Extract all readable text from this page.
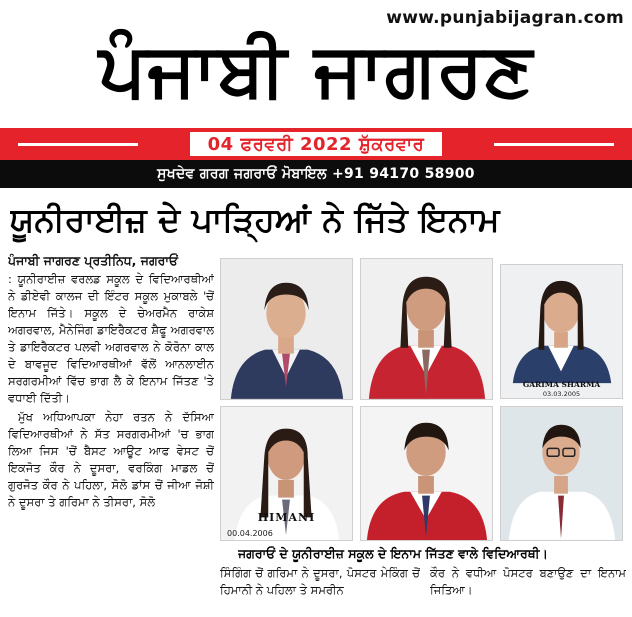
www.punjabijagran.com
ਪੰਜਾਬੀ ਜਾਗਰਣ
04 ਫਰਵਰੀ 2022 ਸ਼ੁੱਕਰਵਾਰ
ਸੁਖਦੇਵ ਗਰਗ ਜਗਰਾਓਂ ਮੋਬਾਇਲ +91 94170 58900
ਯੂਨੀਰਾਈਜ਼ ਦੇ ਪਾੜ੍ਹਿਆਂ ਨੇ ਜਿੱਤੇ ਇਨਾਮ
ਪੰਜਾਬੀ ਜਾਗਰਣ ਪ੍ਰਤੀਨਿਧ, ਜਗਰਾਓਂ

: ਯੂਨੀਰਾਈਜ਼ ਵਰਲਡ ਸਕੂਲ ਦੇ ਵਿਦਿਆਰਥੀਆਂ ਨੇ ਡੀਏਵੀ ਕਾਲਜ ਦੀ ਇੰਟਰ ਸਕੂਲ ਮੁਕਾਬਲੇ 'ਚੋਂ ਇਨਾਮ ਜਿੱਤੇ। ਸਕੂਲ ਦੇ ਚੇਅਰਮੈਨ ਰਾਕੇਸ਼ ਅਗਰਵਾਲ, ਮੈਨੇਜਿੰਗ ਡਾਇਰੈਕਟਰ ਸ਼ੈਫੂ ਅਗਰਵਾਲ ਤੇ ਡਾਇਰੈਕਟਰ ਪਲਵੀ ਅਗਰਵਾਲ ਨੇ ਕੋਰੋਨਾ ਕਾਲ ਦੇ ਬਾਵਜੂਦ ਵਿਦਿਆਰਥੀਆਂ ਵੱਲੋਂ ਆਨਲਾਈਨ ਸਰਗਰਮੀਆਂ ਵਿੱਚ ਭਾਗ ਲੈ ਕੇ ਇਨਾਮ ਜਿੱਤਣ 'ਤੇ ਵਧਾਈ ਦਿੱਤੀ।

ਮੁੱਖ ਅਧਿਆਪਕਾ ਨੇਹਾ ਰਤਨ ਨੇ ਦੱਸਿਆ ਵਿਦਿਆਰਥੀਆਂ ਨੇ ਸੱਤ ਸਰਗਰਮੀਆਂ 'ਚ ਭਾਗ ਲਿਆ ਜਿਸ 'ਚੋਂ ਬੈਸਟ ਆਊਟ ਆਫ ਵੇਸਟ ਚੋਂ ਇਕਜੋਤ ਕੌਰ ਨੇ ਦੂਸਰਾ, ਵਰਕਿੰਗ ਮਾਡਲ ਚੋਂ ਗੁਰਜੋਤ ਕੌਰ ਨੇ ਪਹਿਲਾ, ਸੋਲੋ ਡਾਂਸ ਚੋਂ ਜੀਆ ਜੋਸ਼ੀ ਨੇ ਦੂਸਰਾ ਤੇ ਗਰਿਮਾ ਨੇ ਤੀਸਰਾ, ਸੋਲੋ

GARIMA SHARMA
03.03.2005
HIMANI
00.04.2006
ਜਗਰਾਓਂ ਦੇ ਯੂਨੀਰਾਈਜ਼ ਸਕੂਲ ਦੇ ਇਨਾਮ ਜਿੱਤਣ ਵਾਲੇ ਵਿਦਿਆਰਥੀ।
ਸਿੰਗਿੰਗ ਚੋਂ ਗਰਿਮਾ ਨੇ ਦੂਸਰਾ, ਪੋਸਟਰ ਮੇਕਿੰਗ ਚੋਂ ਹਿਮਾਨੀ ਨੇ ਪਹਿਲਾ ਤੇ ਸਮਰੀਨ
ਕੌਰ ਨੇ ਵਧੀਆ ਪੋਸਟਰ ਬਣਾਉਣ ਦਾ ਇਨਾਮ ਜਿਤਿਆ।
